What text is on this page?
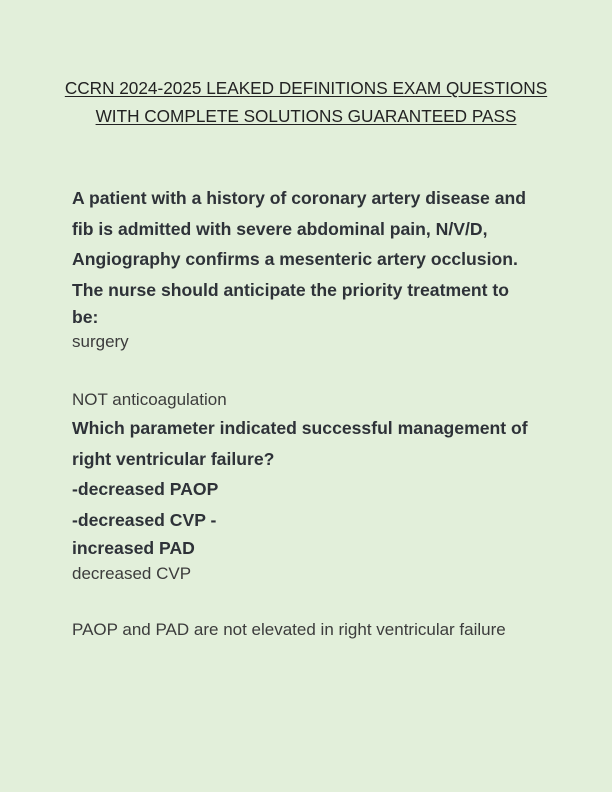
CCRN 2024-2025 LEAKED DEFINITIONS EXAM QUESTIONS
WITH COMPLETE SOLUTIONS GUARANTEED PASS

A patient with a history of coronary artery disease and

fib is admitted with severe abdominal pain, N/V/D,

Angiography confirms a mesenteric artery occlusion.

The nurse should anticipate the priority treatment to

be:

surgery

NOT anticoagulation

Which parameter indicated successful management of

right ventricular failure?

-decreased PAOP

-decreased CVP -

increased PAD

decreased CVP

PAOP and PAD are not elevated in right ventricular failure
